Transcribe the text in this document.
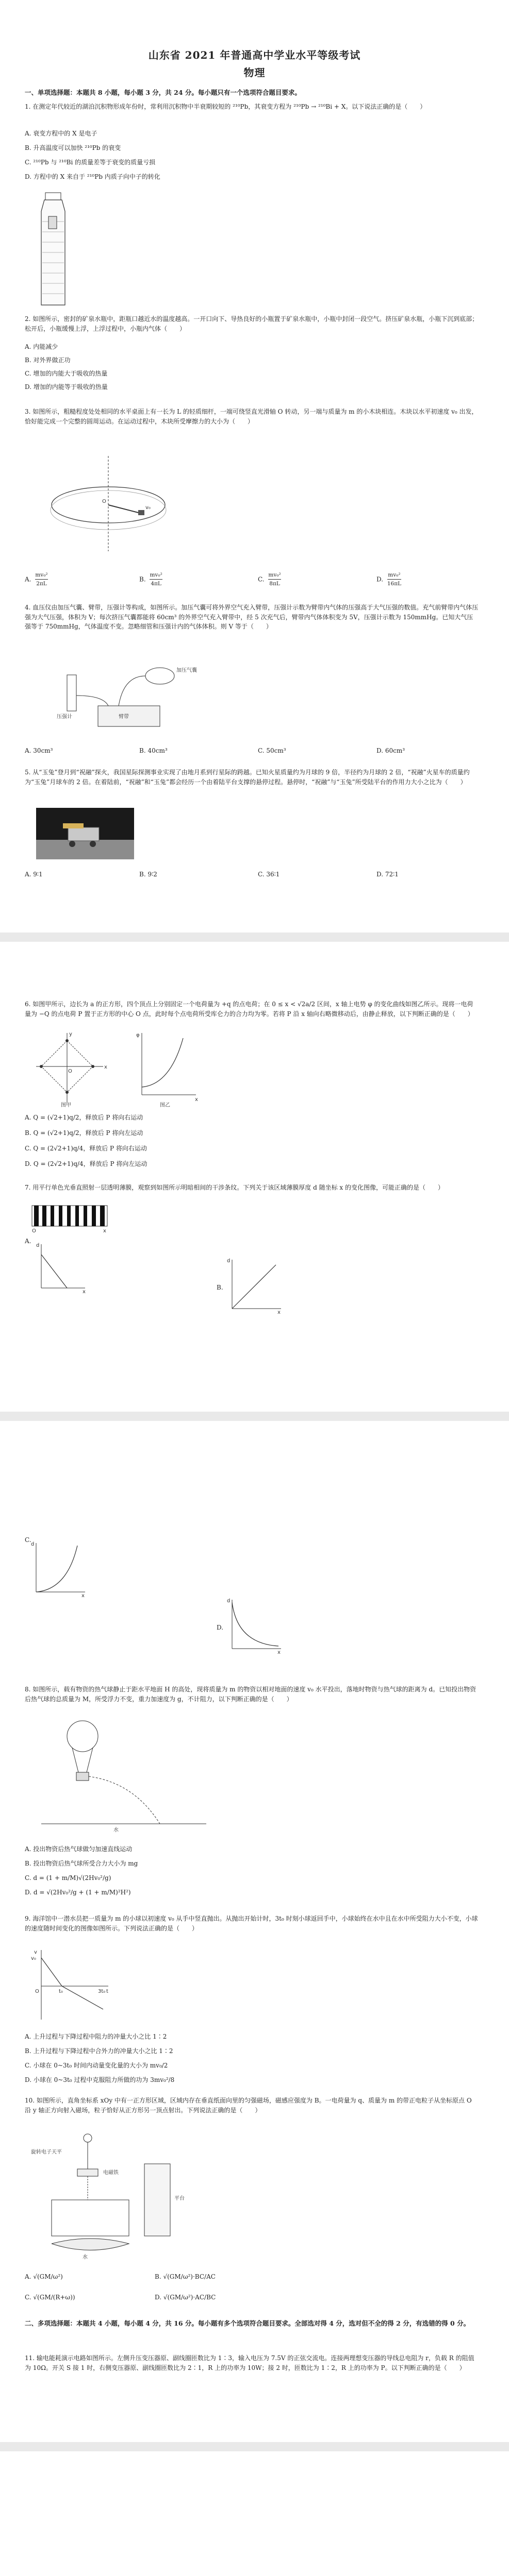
山东省 2021 年普通高中学业水平等级考试
物理
一、单项选择题：本题共 8 小题，每小题 3 分，共 24 分。每小题只有一个选项符合题目要求。
1. 在测定年代较近的湖泊沉积物形成年份时，常利用沉积物中半衰期较短的 ²¹⁰Pb，其衰变方程为 ²¹⁰Pb → ²¹⁰Bi + X。以下说法正确的是（　　）
A. 衰变方程中的 X 是电子
B. 升高温度可以加快 ²¹⁰Pb 的衰变
C. ²¹⁰Pb 与 ²¹⁰Bi 的质量差等于衰变的质量亏损
D. 方程中的 X 来自于 ²¹⁰Pb 内质子向中子的转化
2. 如图所示，密封的矿泉水瓶中，距瓶口越近水的温度越高。一开口向下、导热良好的小瓶置于矿泉水瓶中，小瓶中封闭一段空气。挤压矿泉水瓶，小瓶下沉到底部；松开后，小瓶缓慢上浮，上浮过程中，小瓶内气体（　　）
A. 内能减少
B. 对外界做正功
C. 增加的内能大于吸收的热量
D. 增加的内能等于吸收的热量
3. 如图所示，粗糙程度处处相同的水平桌面上有一长为 L 的轻质细杆，一端可绕竖直光滑轴 O 转动，另一端与质量为 m 的小木块相连。木块以水平初速度 v₀ 出发，恰好能完成一个完整的圆周运动。在运动过程中，木块所受摩擦力的大小为（　　）
O
v₀
A. $\frac{\text{mv₀²}}{2\pi L}$	B. $\frac{\text{mv₀²}}{4\pi L}$	C. $\frac{\text{mv₀²}}{8\pi L}$	D. $\frac{\text{mv₀²}}{16\pi L}$
4. 血压仪由加压气囊、臂带，压强计等构成，如图所示。加压气囊可将外界空气充入臂带，压强计示数为臂带内气体的压强高于大气压强的数值。充气前臂带内气体压强为大气压强，体积为 V；每次挤压气囊都能将 60cm³ 的外界空气充入臂带中，经 5 次充气后，臂带内气体体积变为 5V，压强计示数为 150mmHg。已知大气压强等于 750mmHg，气体温度不变。忽略细管和压强计内的气体体积。则 V 等于（　　）
加压气囊
压强计	臂带
A. 30cm³	B. 40cm³	C. 50cm³	D. 60cm³
5. 从“玉兔”登月到“祝融”探火，我国星际探测事业实现了由地月系到行星际的跨越。已知火星质量约为月球的 9 倍，半径约为月球的 2 倍，“祝融”火星车的质量约为“玉兔”月球车的 2 倍。在着陆前，“祝融”和“玉兔”都会经历一个由着陆平台支撑的悬停过程。悬停时，“祝融”与“玉兔”所受陆平台的作用力大小之比为（　　）
A. 9∶1	B. 9∶2	C. 36∶1	D. 72∶1
6. 如图甲所示，边长为 a 的正方形，四个顶点上分别固定一个电荷量为 +q 的点电荷；在 0 ≤ x < √2a/2 区间，x 轴上电势 φ 的变化曲线如图乙所示。现将一电荷量为 −Q 的点电荷 P 置于正方形的中心 O 点，此时每个点电荷所受库仑力的合力均为零。若将 P 沿 x 轴向右略微移动后，由静止释放，以下判断正确的是（　　）
x
y
O
图甲
φ
x
图乙
A. Q = (√2+1)q/2，释放后 P 将向右运动
B. Q = (√2+1)q/2，释放后 P 将向左运动
C. Q = (2√2+1)q/4，释放后 P 将向右运动
D. Q = (2√2+1)q/4，释放后 P 将向左运动
7. 用平行单色光垂直照射一层透明薄膜，观察到如图所示明暗相间的干涉条纹。下列关于该区域薄膜厚度 d 随坐标 x 的变化图像，可能正确的是（　　）
O	x
A.
d
x
B.
d
x
C.
d
x
D.
d
x
8. 如图所示，载有物资的热气球静止于距水平地面 H 的高处，现将质量为 m 的物资以相对地面的速度 v₀ 水平投出，落地时物资与热气球的距离为 d。已知投出物资后热气球的总质量为 M，所受浮力不变，重力加速度为 g，不计阻力，以下判断正确的是（　　）
水
A. 投出物资后热气球做匀加速直线运动
B. 投出物资后热气球所受合力大小为 mg
C. d = (1 + m/M)√(2Hv₀²/g)
D. d = √(2Hv₀²/g + (1 + m/M)²H²)
9. 海洋馆中一潜水员把一质量为 m 的小球以初速度 v₀ 从手中竖直抛出。从抛出开始计时，3t₀ 时刻小球返回手中，小球始终在水中且在水中所受阻力大小不变，小球的速度随时间变化的图像如图所示。下列说法正确的是（　　）
v
t
O
v₀
t₀	3t₀
A. 上升过程与下降过程中阻力的冲量大小之比 1∶2
B. 上升过程与下降过程中合外力的冲量大小之比 1∶2
C. 小球在 0~3t₀ 时间内动量变化量的大小为 mv₀/2
D. 小球在 0~3t₀ 过程中克服阻力所做的功为 3mv₀²/8
10. 如图所示，直角坐标系 xOy 中有一正方形区域，区域内存在垂直纸面向里的匀强磁场，磁感应强度为 B。一电荷量为 q、质量为 m 的带正电粒子从坐标原点 O 沿 y 轴正方向射入磁场，粒子恰好从正方形另一顶点射出。下列说法正确的是（　　）
旋转电子天平
电磁铁
平台
水
A. √(GM/ω²)	B. √(GM/ω²)·BC/AC
C. √(GM/(R+ω))	D. √(GM/ω²)·AC/BC
二、多项选择题：本题共 4 小题，每小题 4 分，共 16 分。每小题有多个选项符合题目要求。全部选对得 4 分，选对但不全的得 2 分，有选错的得 0 分。
11. 输电能耗演示电路如图所示。左侧升压变压器原、副线圈匝数比为 1∶3，输入电压为 7.5V 的正弦交流电。连接两理想变压器的导线总电阻为 r，负载 R 的阻值为 10Ω。开关 S 接 1 时，右侧变压器原、副线圈匝数比为 2∶1，R 上的功率为 10W；接 2 时，匝数比为 1∶2，R 上的功率为 P。以下判断正确的是（　　）
